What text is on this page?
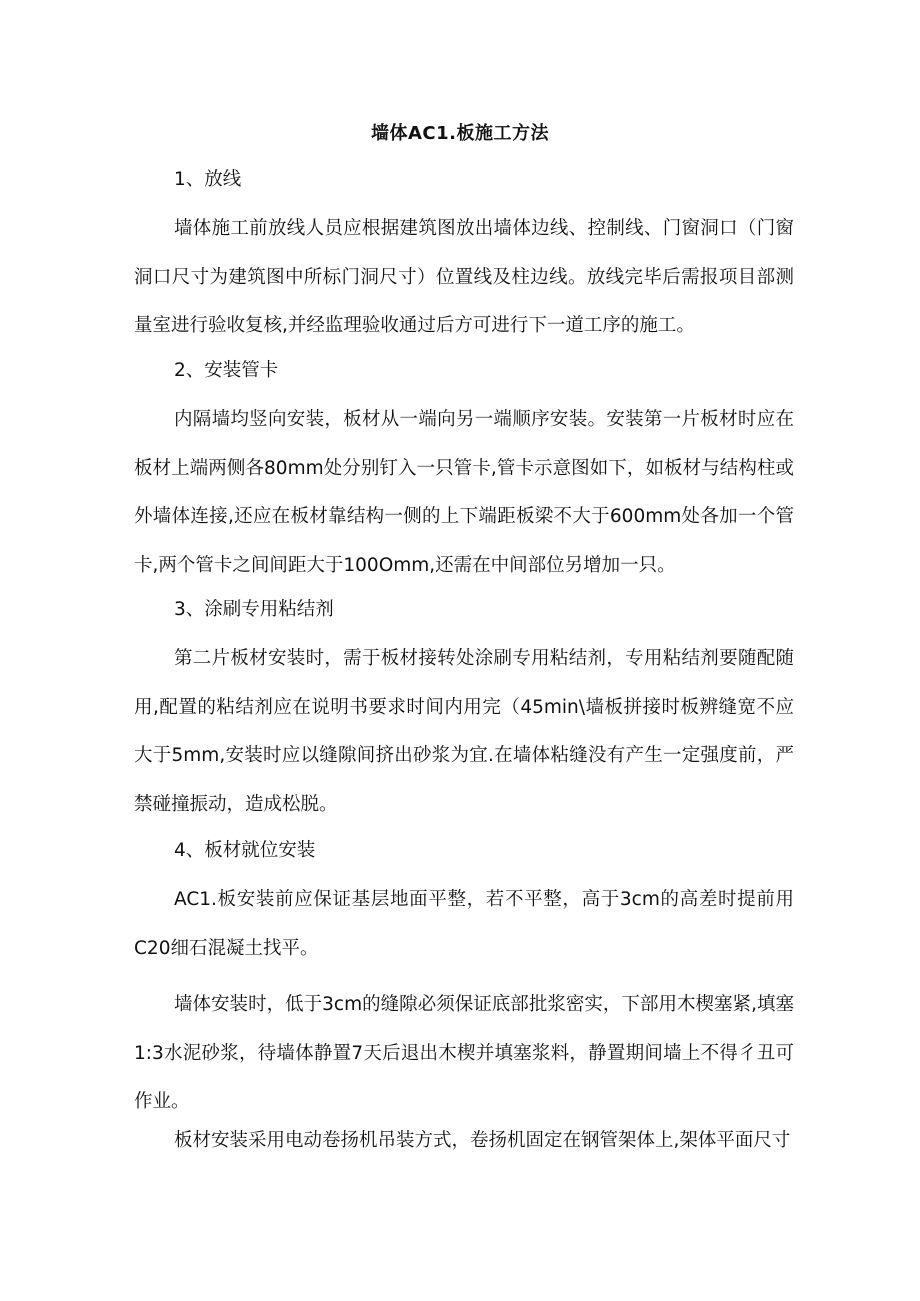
墙体AC1.板施工方法
1、放线

墙体施工前放线人员应根据建筑图放出墙体边线、控制线、门窗洞口（门窗洞口尺寸为建筑图中所标门洞尺寸）位置线及柱边线。放线完毕后需报项目部测量室进行验收复核,并经监理验收通过后方可进行下一道工序的施工。

2、安装管卡

内隔墙均竖向安装，板材从一端向另一端顺序安装。安装第一片板材时应在板材上端两侧各80mm处分别钉入一只管卡,管卡示意图如下，如板材与结构柱或外墙体连接,还应在板材靠结构一侧的上下端距板梁不大于600mm处各加一个管卡,两个管卡之间间距大于100Omm,还需在中间部位另增加一只。

3、涂刷专用粘结剂

第二片板材安装时，需于板材接转处涂刷专用粘结剂，专用粘结剂要随配随用,配置的粘结剂应在说明书要求时间内用完（45min\墙板拼接时板辨缝宽不应大于5mm,安装时应以缝隙间挤出砂浆为宜.在墙体粘缝没有产生一定强度前，严禁碰撞振动，造成松脱。

4、板材就位安装

AC1.板安装前应保证基层地面平整，若不平整，高于3cm的高差时提前用C20细石混凝土找平。

墙体安装时，低于3cm的缝隙必须保证底部批浆密实，下部用木楔塞紧,填塞1:3水泥砂浆，待墙体静置7天后退出木楔并填塞浆料，静置期间墙上不得彳丑可作业。

板材安装采用电动卷扬机吊装方式，卷扬机固定在钢管架体上,架体平面尺寸
